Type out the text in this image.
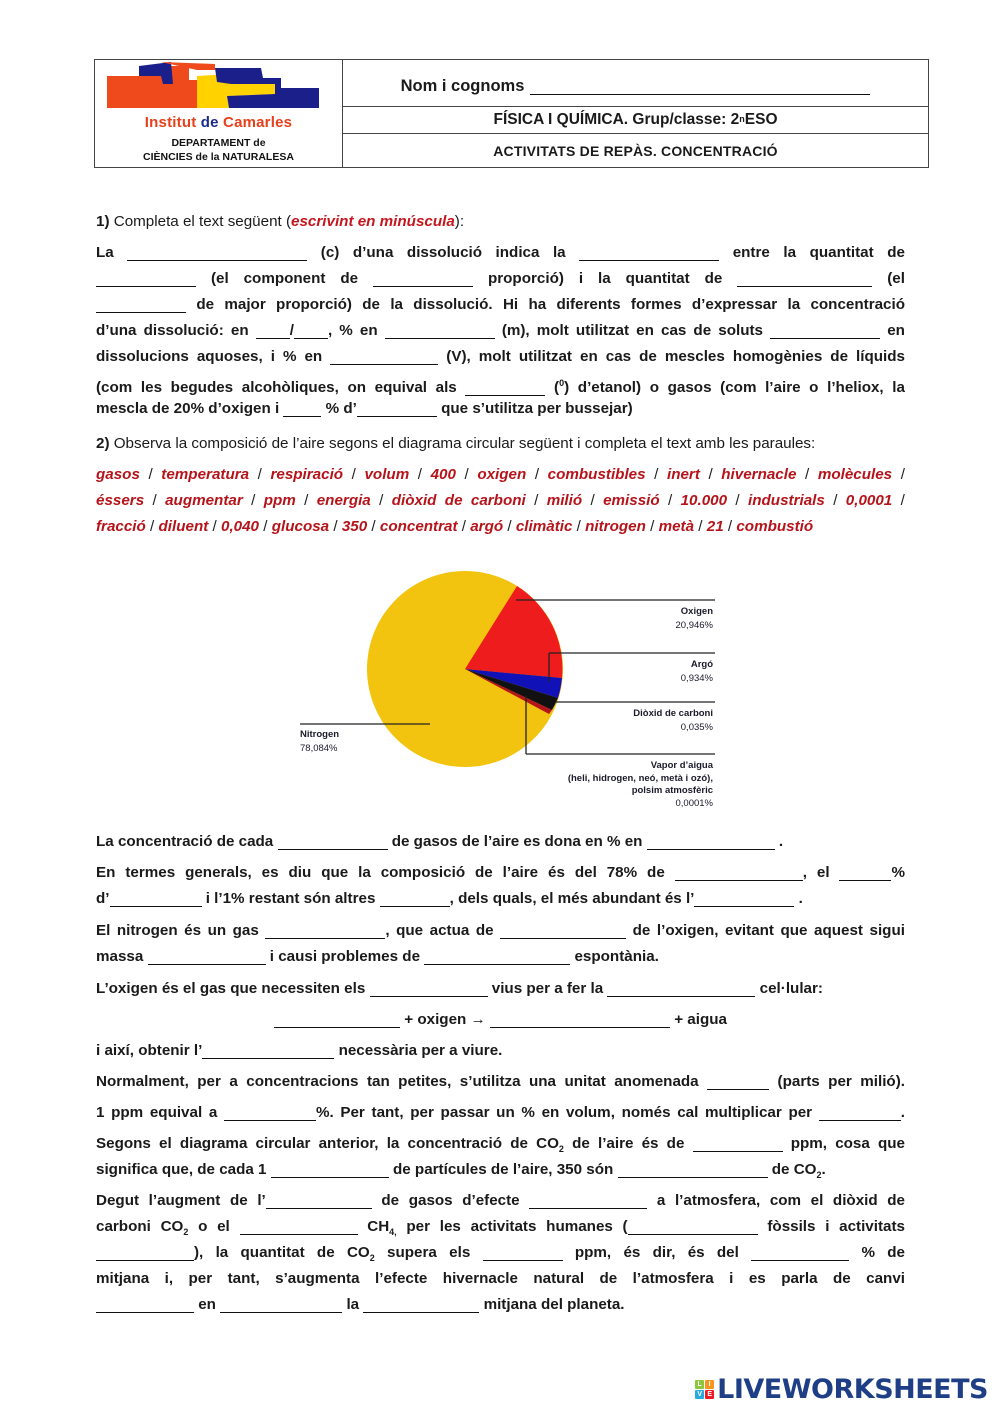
Institut de Camarles
DEPARTAMENT de
CIÈNCIES de la NATURALESA
Nom i cognoms
FÍSICA I QUÍMICA. Grup/classe: 2$^n$ ESO
ACTIVITATS DE REPÀS. CONCENTRACIÓ
1) Completa el text següent (escrivint en minúscula):
La	(c) d’una dissolució indica la	entre la quantitat de
(el component de	proporció) i la quantitat de	(el
de major proporció) de la dissolució. Hi ha diferents formes d’expressar la concentració
d’una dissolució: en	/ , % en	(m), molt utilitzat en cas de soluts	en
dissolucions aquoses, i % en	(V), molt utilitzat en cas de mescles homogènies de líquids
(com les begudes alcohòliques, on equival als	($^0$) d’etanol) o gasos (com l’aire o l’heliox, la
mescla de 20% d’oxigen i	% d’	que s’utilitza per bussejar)
2) Observa la composició de l’aire segons el diagrama circular següent i completa el text amb les paraules:
gasos / temperatura / respiració / volum / 400 / oxigen / combustibles / inert / hivernacle / molècules /
éssers / augmentar / ppm / energia / diòxid de carboni / milió / emissió / 10.000 / industrials / 0,0001 /
fracció / diluent / 0,040 / glucosa / 350 / concentrat / argó / climàtic / nitrogen / metà / 21 / combustió
Oxigen
20,946%
Argó
0,934%
Diòxid de carboni
0,035%
Vapor d’aigua
(heli, hidrogen, neó, metà i ozó),
polsim atmosfèric
0,0001%
Nitrogen
78,084%
La concentració de cada	de gasos de l’aire es dona en % en	.
En termes generals, es diu que la composició de l’aire és del 78% de	, el	%
d’	i l’1% restant són altres	, dels quals, el més abundant és l’	.
El nitrogen és un gas	, que actua de	de l’oxigen, evitant que aquest sigui
massa	i causi problemes de	espontània.
L’oxigen és el gas que necessiten els	vius per a fer la	cel·lular:
+ oxigen →	+ aigua
i així, obtenir l’	necessària per a viure.
Normalment, per a concentracions tan petites, s’utilitza una unitat anomenada	(parts per milió).
1 ppm equival a	%. Per tant, per passar un % en volum, només cal multiplicar per	.
Segons el diagrama circular anterior, la concentració de $CO_2$ de l’aire és de	ppm, cosa que
significa que, de cada 1	de partícules de l’aire, 350 són	de $CO_2$.
Degut l’augment de l’	de gasos d’efecte	a l’atmosfera, com el diòxid de
carboni $CO_2$ o el	$CH_{4,}$ per les activitats humanes (	fòssils i activitats
), la quantitat de $CO_2$ supera els	ppm, és dir, és del	% de
mitjana i, per tant, s’augmenta l’efecte hivernacle natural de l’atmosfera i es parla de canvi
en	la	mitjana del planeta.
L I
V E LIVEWORKSHEETS
